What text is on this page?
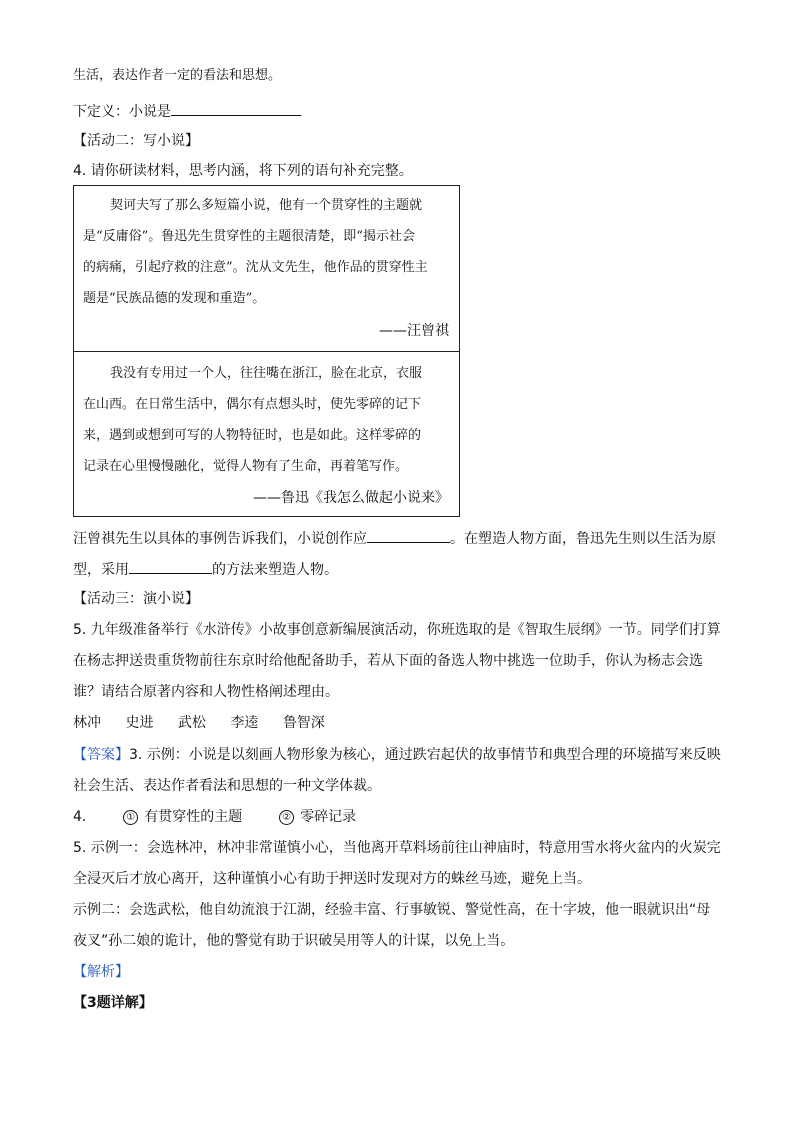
生活，表达作者一定的看法和思想。
下定义：小说是
【活动二：写小说】
4. 请你研读材料，思考内涵，将下列的语句补充完整。
契诃夫写了那么多短篇小说，他有一个贯穿性的主题就
是“反庸俗”。鲁迅先生贯穿性的主题很清楚，即“揭示社会
的病痛，引起疗救的注意”。沈从文先生，他作品的贯穿性主
题是“民族品德的发现和重造”。
——汪曾祺
我没有专用过一个人，往往嘴在浙江，脸在北京，衣服
在山西。在日常生活中，偶尔有点想头时，使先零碎的记下
来，遇到或想到可写的人物特征时，也是如此。这样零碎的
记录在心里慢慢融化，觉得人物有了生命，再着笔写作。
——鲁迅《我怎么做起小说来》
汪曾祺先生以具体的事例告诉我们，小说创作应	。在塑造人物方面，鲁迅先生则以生活为原
型，采用	的方法来塑造人物。
【活动三：演小说】
5. 九年级准备举行《水浒传》小故事创意新编展演活动，你班选取的是《智取生辰纲》一节。同学们打算
在杨志押送贵重货物前往东京时给他配备助手，若从下面的备选人物中挑选一位助手，你认为杨志会选
谁？请结合原著内容和人物性格阐述理由。
林冲 史进 武松 李逵 鲁智深
【答案】3. 示例：小说是以刻画人物形象为核心，通过跌宕起伏的故事情节和典型合理的环境描写来反映
社会生活、表达作者看法和思想的一种文学体裁。
4.	① 有贯穿性的主题	② 零碎记录
5. 示例一：会选林冲，林冲非常谨慎小心，当他离开草料场前往山神庙时，特意用雪水将火盆内的火炭完
全浸灭后才放心离开，这种谨慎小心有助于押送时发现对方的蛛丝马迹，避免上当。
示例二：会选武松，他自幼流浪于江湖，经验丰富、行事敏锐、警觉性高，在十字坡，他一眼就识出“母
夜叉”孙二娘的诡计，他的警觉有助于识破吴用等人的计谋，以免上当。
【解析】
【3题详解】
